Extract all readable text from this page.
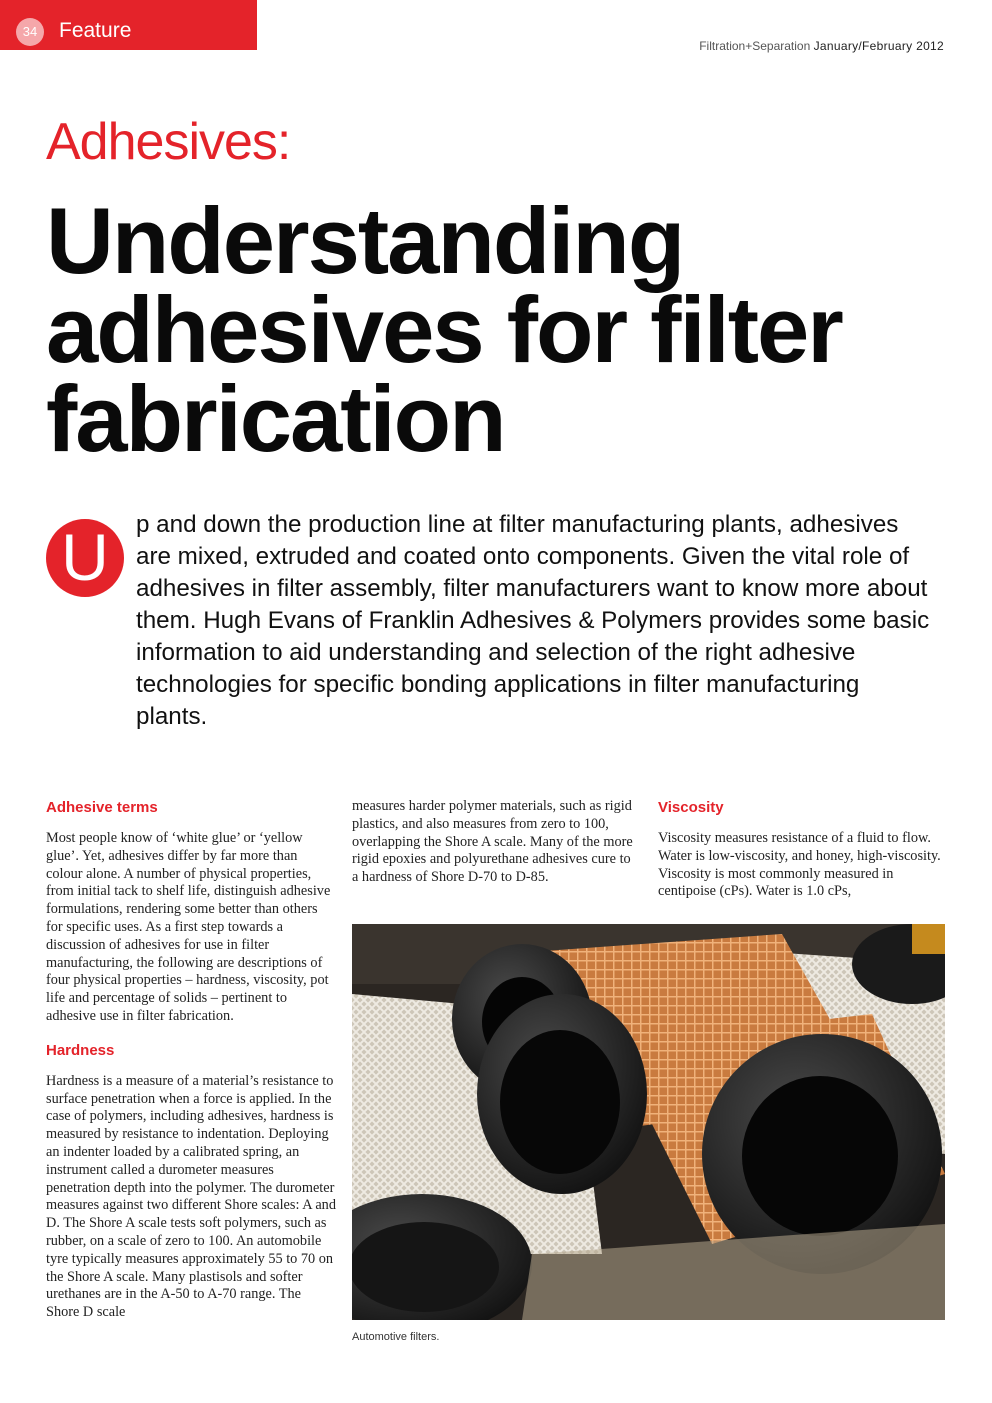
34	Feature
Filtration+Separation January/February 2012
Adhesives:
Understanding
adhesives for filter
fabrication
U	p and down the production line at filter manufacturing plants, adhesives are mixed, extruded and coated onto components. Given the vital role of adhesives in filter assembly, filter manufacturers want to know more about them. Hugh Evans of Franklin Adhesives & Polymers provides some basic information to aid understanding and selection of the right adhesive technologies for specific bonding applications in filter manufacturing plants.

Adhesive terms

Most people know of ‘white glue’ or ‘yellow glue’. Yet, adhesives differ by far more than colour alone. A number of physical properties, from initial tack to shelf life, distinguish adhesive formulations, rendering some better than others for specific uses. As a first step towards a discussion of adhesives for use in filter manufacturing, the following are descriptions of four physical properties – hardness, viscosity, pot life and percentage of solids – pertinent to adhesive use in filter fabrication.

Hardness

Hardness is a measure of a material’s resistance to surface penetration when a force is applied. In the case of polymers, including adhesives, hardness is measured by resistance to indentation. Deploying an indenter loaded by a calibrated spring, an instrument called a durometer measures penetration depth into the polymer. The durometer measures against two different Shore scales: A and D. The Shore A scale tests soft polymers, such as rubber, on a scale of zero to 100. An automobile tyre typically measures approximately 55 to 70 on the Shore A scale. Many plastisols and softer urethanes are in the A-50 to A-70 range. The Shore D scale

measures harder polymer materials, such as rigid plastics, and also measures from zero to 100, overlapping the Shore A scale. Many of the more rigid epoxies and polyurethane adhesives cure to a hardness of Shore D-70 to D-85.

Viscosity

Viscosity measures resistance of a fluid to flow. Water is low-viscosity, and honey, high-viscosity. Viscosity is most commonly measured in centipoise (cPs). Water is 1.0 cPs,

Automotive filters.
